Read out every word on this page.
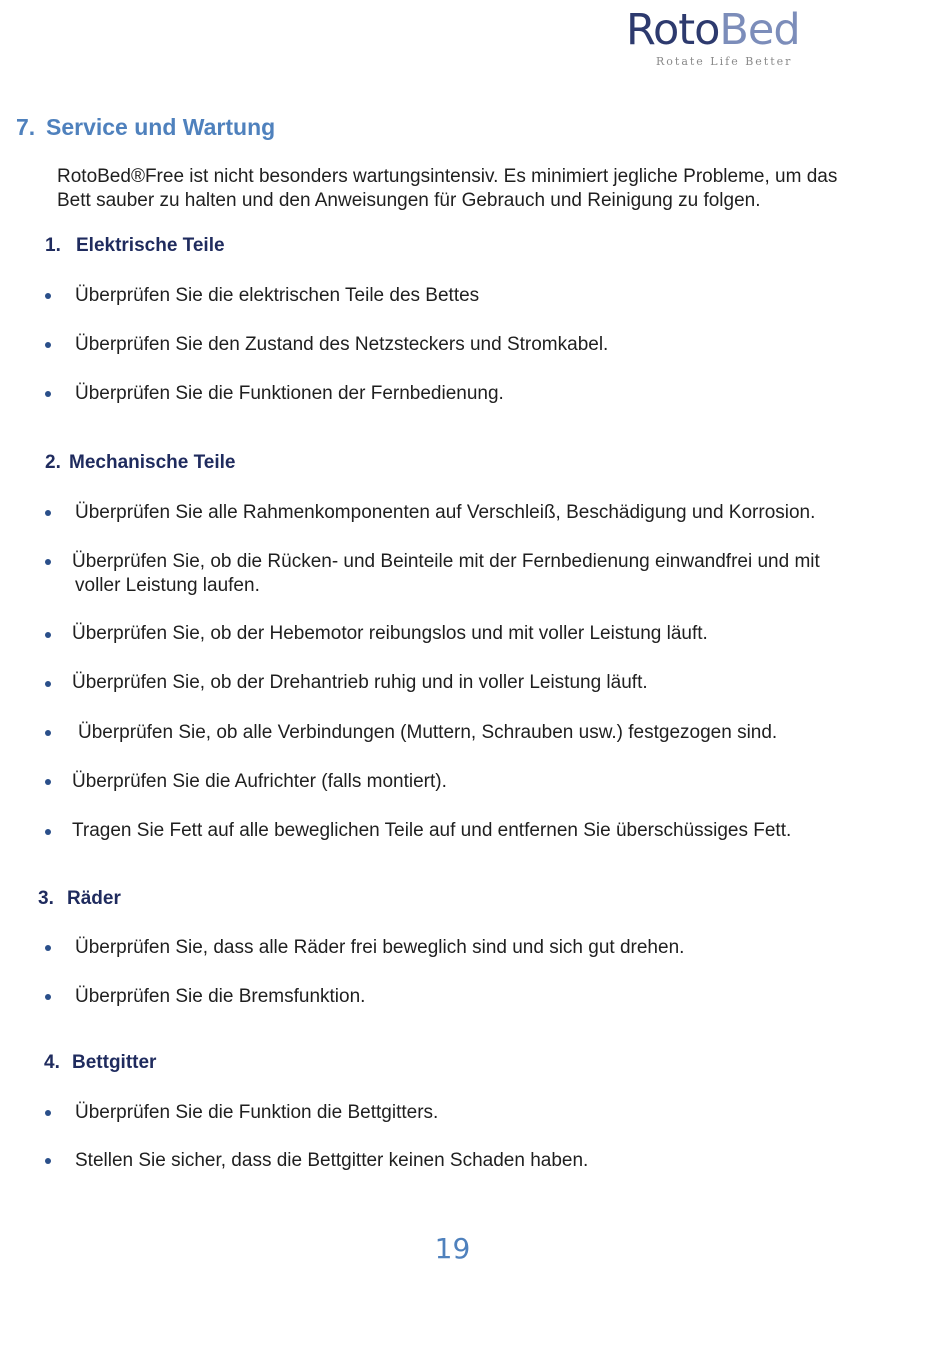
RotoBed
Rotate Life Better
7. Service und Wartung

RotoBed®Free ist nicht besonders wartungsintensiv. Es minimiert jegliche Probleme, um das

Bett sauber zu halten und den Anweisungen für Gebrauch und Reinigung zu folgen.

1. Elektrische Teile
Überprüfen Sie die elektrischen Teile des Bettes
Überprüfen Sie den Zustand des Netzsteckers und Stromkabel.
Überprüfen Sie die Funktionen der Fernbedienung.
2. Mechanische Teile
Überprüfen Sie alle Rahmenkomponenten auf Verschleiß, Beschädigung und Korrosion.
Überprüfen Sie, ob die Rücken- und Beinteile mit der Fernbedienung einwandfrei und mit
voller Leistung laufen.
Überprüfen Sie, ob der Hebemotor reibungslos und mit voller Leistung läuft.
Überprüfen Sie, ob der Drehantrieb ruhig und in voller Leistung läuft.
Überprüfen Sie, ob alle Verbindungen (Muttern, Schrauben usw.) festgezogen sind.
Überprüfen Sie die Aufrichter (falls montiert).
Tragen Sie Fett auf alle beweglichen Teile auf und entfernen Sie überschüssiges Fett.
3. Räder
Überprüfen Sie, dass alle Räder frei beweglich sind und sich gut drehen.
Überprüfen Sie die Bremsfunktion.
4. Bettgitter
Überprüfen Sie die Funktion die Bettgitters.
Stellen Sie sicher, dass die Bettgitter keinen Schaden haben.
19
